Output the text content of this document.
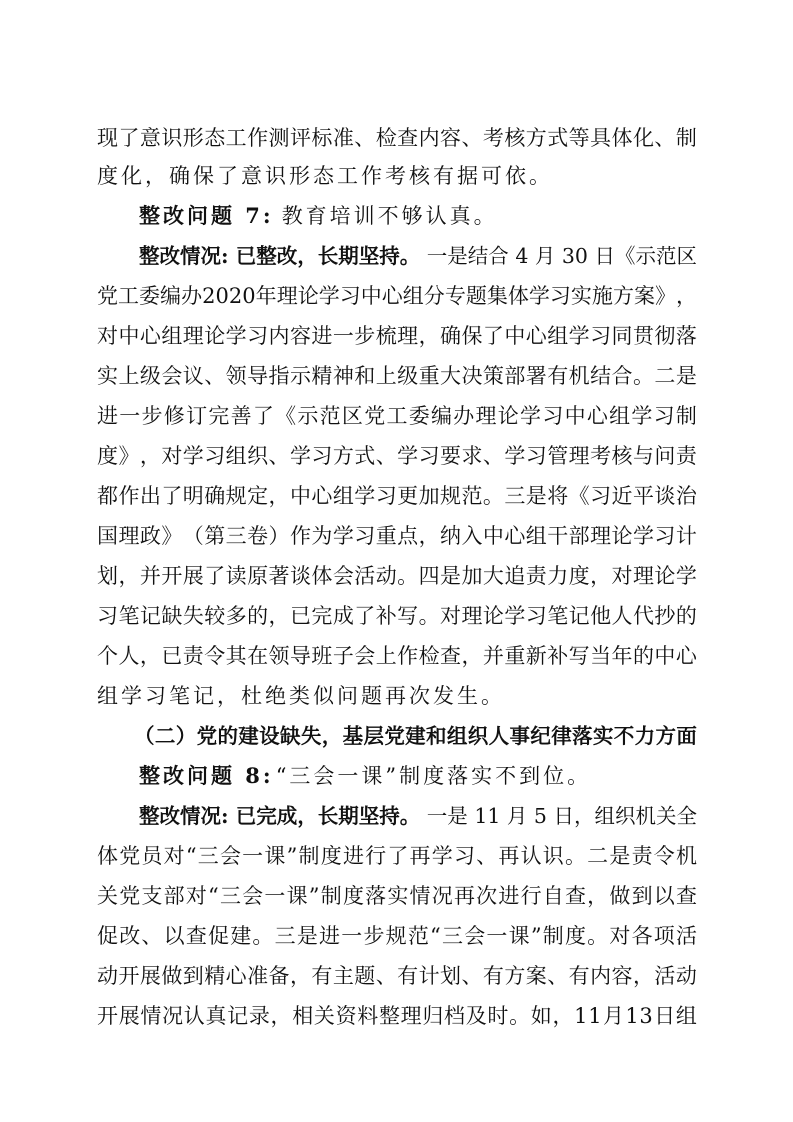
现 了 意 识 形 态 工 作 测 评 标 准 、 检 查 内 容 、 考 核 方 式 等 具 体 化 、 制
度化，确保了意识形态工作考核有据可依。
整改问题 7: 教育培训不够认真。
整改情况: 已整改，长期坚持。 一是结合 4 月 30 日《示范区
党 工 委 编 办 2 0 2 0 年 理 论 学 习 中 心 组 分 专 题 集 体 学 习 实 施 方 案 》 ，
对 中 心 组 理 论 学 习 内 容 进 一 步 梳 理 ， 确 保 了 中 心 组 学 习 同 贯 彻 落
实 上 级 会 议 、 领 导 指 示 精 神 和 上 级 重 大 决 策 部 署 有 机 结 合 。 二 是
进 一 步 修 订 完 善 了 《 示 范 区 党 工 委 编 办 理 论 学 习 中 心 组 学 习 制
度 》 ， 对 学 习 组 织 、 学 习 方 式 、 学 习 要 求 、 学 习 管 理 考 核 与 问 责
都 作 出 了 明 确 规 定 ， 中 心 组 学 习 更 加 规 范 。 三 是 将 《 习 近 平 谈 治
国 理 政 》 （ 第 三 卷 ） 作 为 学 习 重 点 ， 纳 入 中 心 组 干 部 理 论 学 习 计
划 ， 并 开 展 了 读 原 著 谈 体 会 活 动 。 四 是 加 大 追 责 力 度 ， 对 理 论 学
习 笔 记 缺 失 较 多 的 ， 已 完 成 了 补 写 。 对 理 论 学 习 笔 记 他 人 代 抄 的
个 人 ， 已 责 令 其 在 领 导 班 子 会 上 作 检 查 ， 并 重 新 补 写 当 年 的 中 心
组学习笔记，杜绝类似问题再次发生。
（ 二 ） 党 的 建 设 缺 失 ， 基 层 党 建 和 组 织 人 事 纪 律 落 实 不 力 方 面
整改问题 8: “三会一课”制度落实不到位。
整改情况: 已完成，长期坚持。 一是 11 月 5 日，组织机关全
体 党 员 对 “ 三 会 一 课 ” 制 度 进 行 了 再 学 习 、 再 认 识 。 二 是 责 令 机
关 党 支 部 对 “ 三 会 一 课 ” 制 度 落 实 情 况 再 次 进 行 自 查 ， 做 到 以 查
促 改 、 以 查 促 建 。 三 是 进 一 步 规 范 “ 三 会 一 课 ” 制 度 。 对 各 项 活
动 开 展 做 到 精 心 准 备 ， 有 主 题 、 有 计 划 、 有 方 案 、 有 内 容 ， 活 动
开 展 情 况 认 真 记 录 ， 相 关 资 料 整 理 归 档 及 时 。 如 ， 1 1 月 1 3 日 组
